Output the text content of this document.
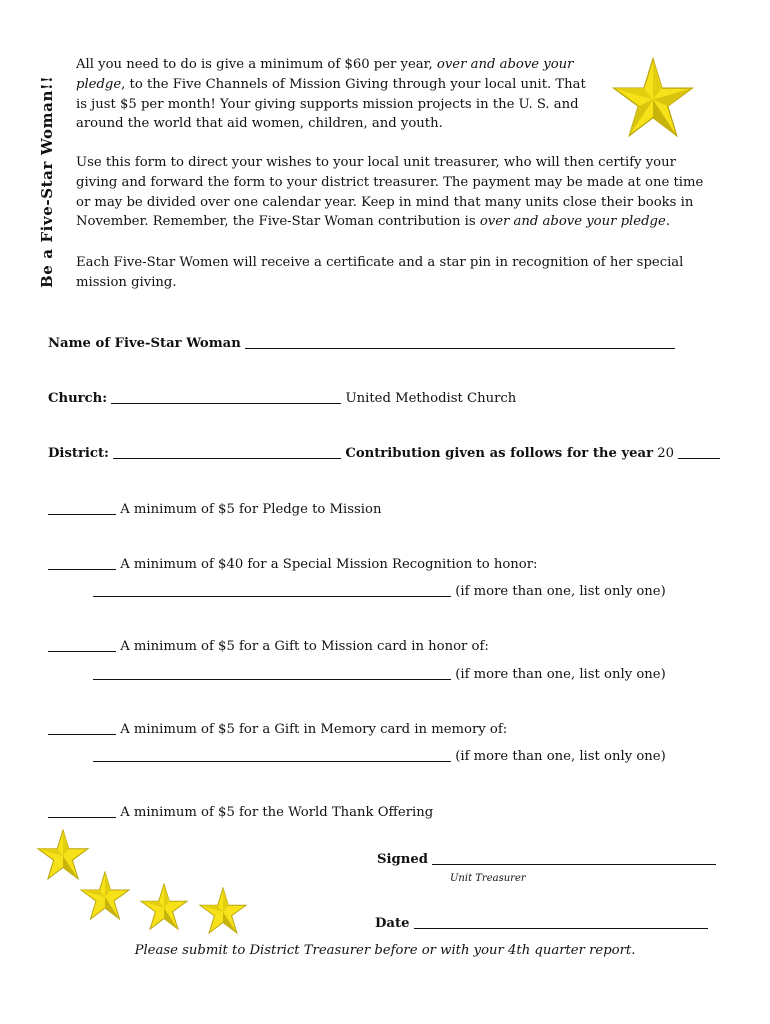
Be a Five-Star Woman!!

All you need to do is give a minimum of $60 per year, over and above your pledge, to the Five Channels of Mission Giving through your local unit. That is just $5 per month! Your giving supports mission projects in the U. S. and around the world that aid women, children, and youth.

Use this form to direct your wishes to your local unit treasurer, who will then certify your giving and forward the form to your district treasurer. The payment may be made at one time or may be divided over one calendar year. Keep in mind that many units close their books in November. Remember, the Five-Star Woman contribution is over and above your pledge.

Each Five-Star Women will receive a certificate and a star pin in recognition of her special mission giving.

Name of Five-Star Woman
Church:	United Methodist Church
District:	Contribution given as follows for the year 20
A minimum of $5 for Pledge to Mission
A minimum of $40 for a Special Mission Recognition to honor:
(if more than one, list only one)
A minimum of $5 for a Gift to Mission card in honor of:
(if more than one, list only one)
A minimum of $5 for a Gift in Memory card in memory of:
(if more than one, list only one)
A minimum of $5 for the World Thank Offering
Signed
Unit Treasurer
Date
Please submit to District Treasurer before or with your 4th quarter report.
